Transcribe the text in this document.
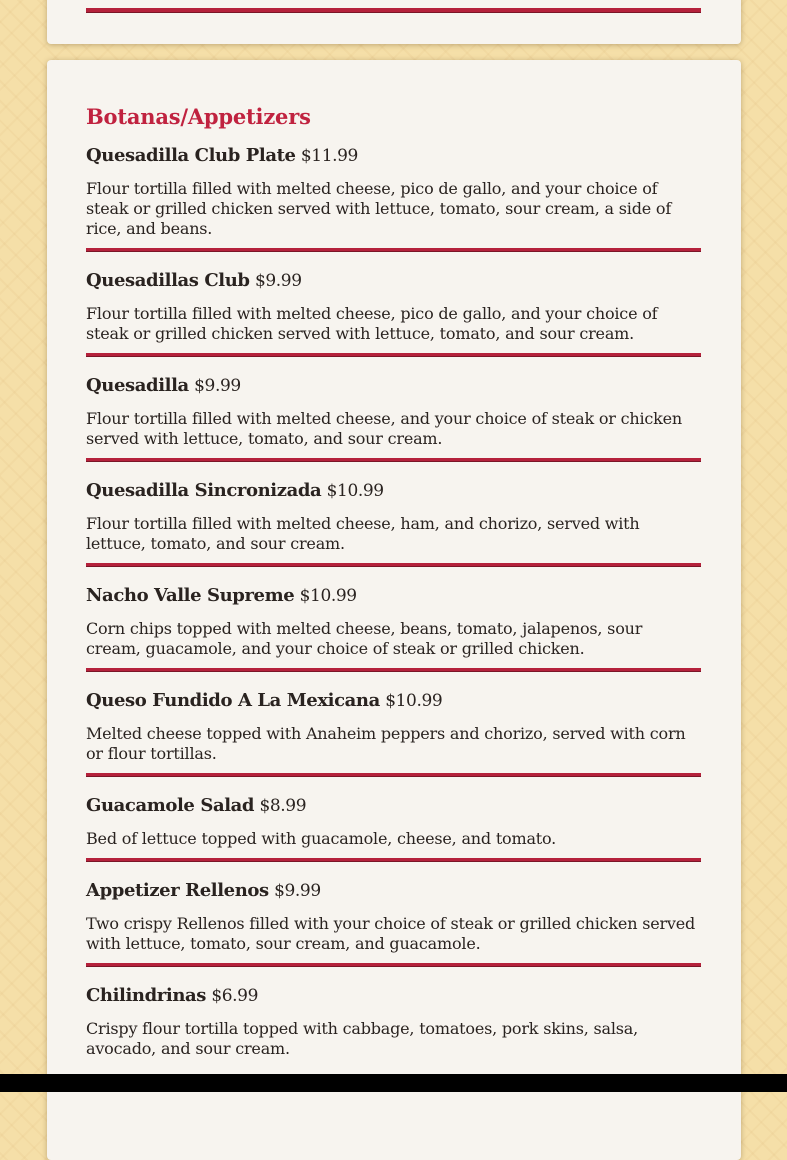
Botanas/Appetizers

Quesadilla Club Plate $11.99

Flour tortilla filled with melted cheese, pico de gallo, and your choice of steak or grilled chicken served with lettuce, tomato, sour cream, a side of rice, and beans.

Quesadillas Club $9.99

Flour tortilla filled with melted cheese, pico de gallo, and your choice of steak or grilled chicken served with lettuce, tomato, and sour cream.

Quesadilla $9.99

Flour tortilla filled with melted cheese, and your choice of steak or chicken served with lettuce, tomato, and sour cream.

Quesadilla Sincronizada $10.99

Flour tortilla filled with melted cheese, ham, and chorizo, served with lettuce, tomato, and sour cream.

Nacho Valle Supreme $10.99

Corn chips topped with melted cheese, beans, tomato, jalapenos, sour cream, guacamole, and your choice of steak or grilled chicken.

Queso Fundido A La Mexicana $10.99

Melted cheese topped with Anaheim peppers and chorizo, served with corn or flour tortillas.

Guacamole Salad $8.99

Bed of lettuce topped with guacamole, cheese, and tomato.

Appetizer Rellenos $9.99

Two crispy Rellenos filled with your choice of steak or grilled chicken served with lettuce, tomato, sour cream, and guacamole.

Chilindrinas $6.99

Crispy flour tortilla topped with cabbage, tomatoes, pork skins, salsa, avocado, and sour cream.
